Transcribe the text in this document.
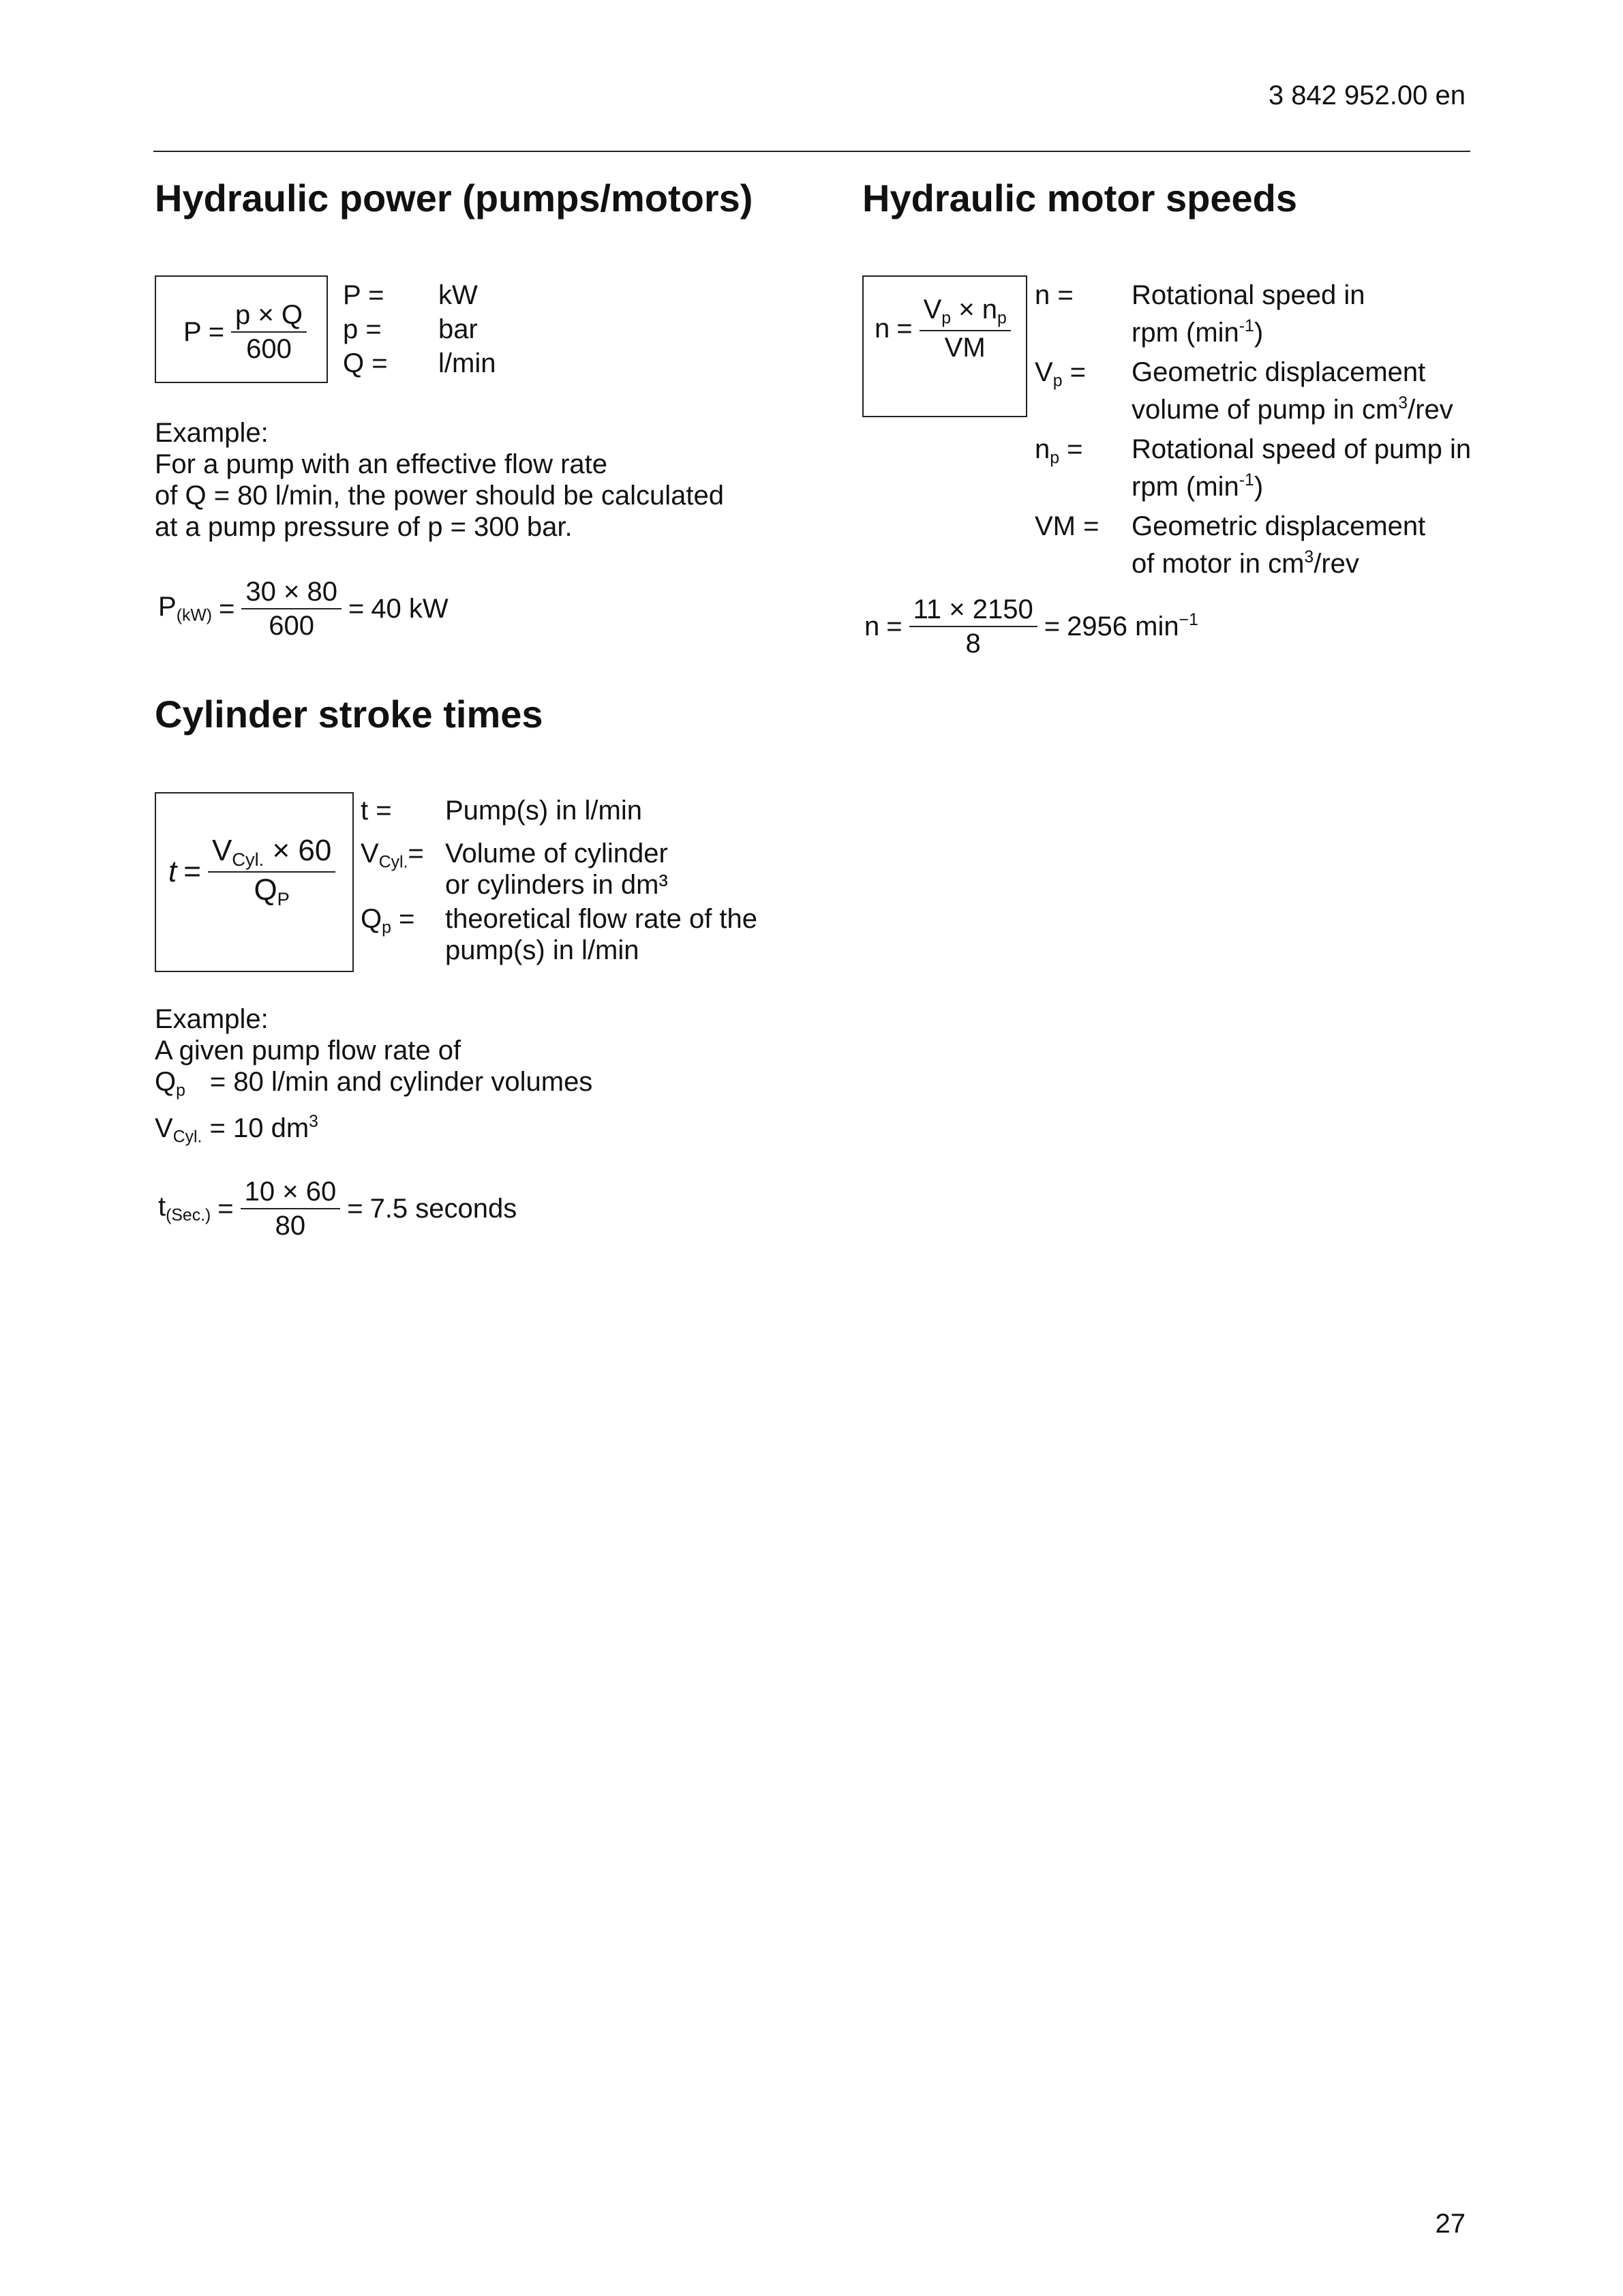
3 842 952.00 en
Hydraulic power (pumps/motors)
$P = \frac{p \times Q}{600}$
P =	kW
p =	bar
Q =	l/min
Example:
For a pump with an effective flow rate
of Q = 80 l/min, the power should be calculated
at a pump pressure of p = 300 bar.
$P_{(kW)} = \frac{30 \times 80}{600} = 40$ kW
Cylinder stroke times
$t = \frac{V_{Cyl.} \times 60}{Q_P}$
t =	Pump(s) in l/min
$V_{Cyl.}=$ Volume of cylinder
or cylinders in dm³
$Q_p$ =	theoretical flow rate of the
pump(s) in l/min
Example:
A given pump flow rate of
$Q_p = 80$ l/min and cylinder volumes
$V_{Cyl.} = 10$ $dm^3$
$t_{(Sec.)} = \frac{10 \times 60}{80} = 7.5$ seconds
Hydraulic motor speeds
$n = \frac{V_p \times n_p}{VM}$
n =	Rotational speed in
rpm $(\min^{-1})$
$V_p$ =	Geometric displacement
volume of pump in $cm^3$/rev
$n_p$ =	Rotational speed of pump in
rpm $(\min^{-1})$
VM =	Geometric displacement
of motor in $cm^3$/rev
$n = \frac{11 \times 2150}{8} = 2956$ $\min^{-1}$
27
